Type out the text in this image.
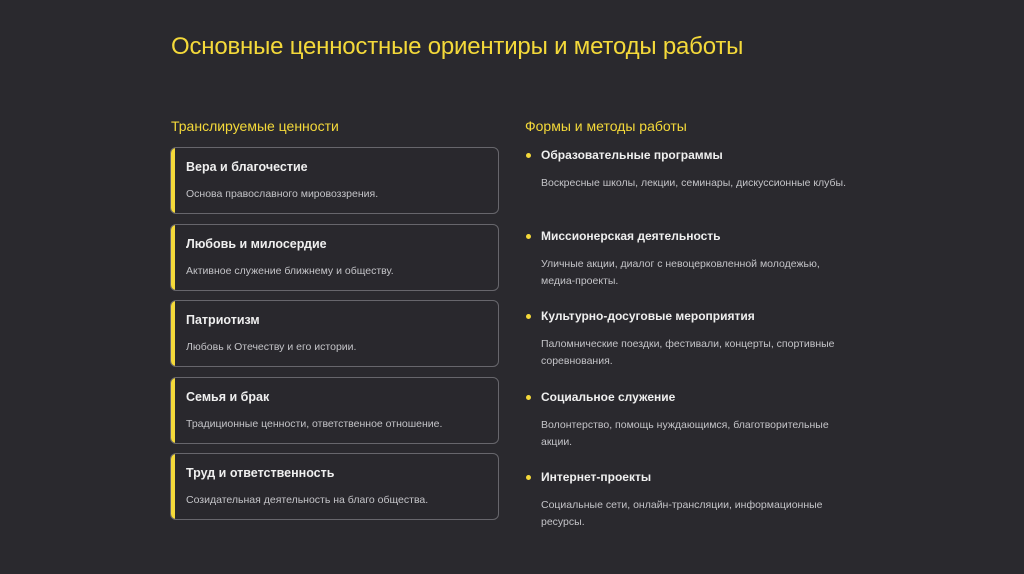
Основные ценностные ориентиры и методы работы
Транслируемые ценности	Формы и методы работы
Вера и благочестие
Основа православного мировоззрения.
Любовь и милосердие
Активное служение ближнему и обществу.
Патриотизм
Любовь к Отечеству и его истории.
Семья и брак
Традиционные ценности, ответственное отношение.
Труд и ответственность
Созидательная деятельность на благо общества.
Образовательные программы
Воскресные школы, лекции, семинары, дискуссионные клубы.
Миссионерская деятельность
Уличные акции, диалог с невоцерковленной молодежью, медиа-проекты.
Культурно-досуговые мероприятия
Паломнические поездки, фестивали, концерты, спортивные соревнования.
Социальное служение
Волонтерство, помощь нуждающимся, благотворительные акции.
Интернет-проекты
Социальные сети, онлайн-трансляции, информационные ресурсы.
